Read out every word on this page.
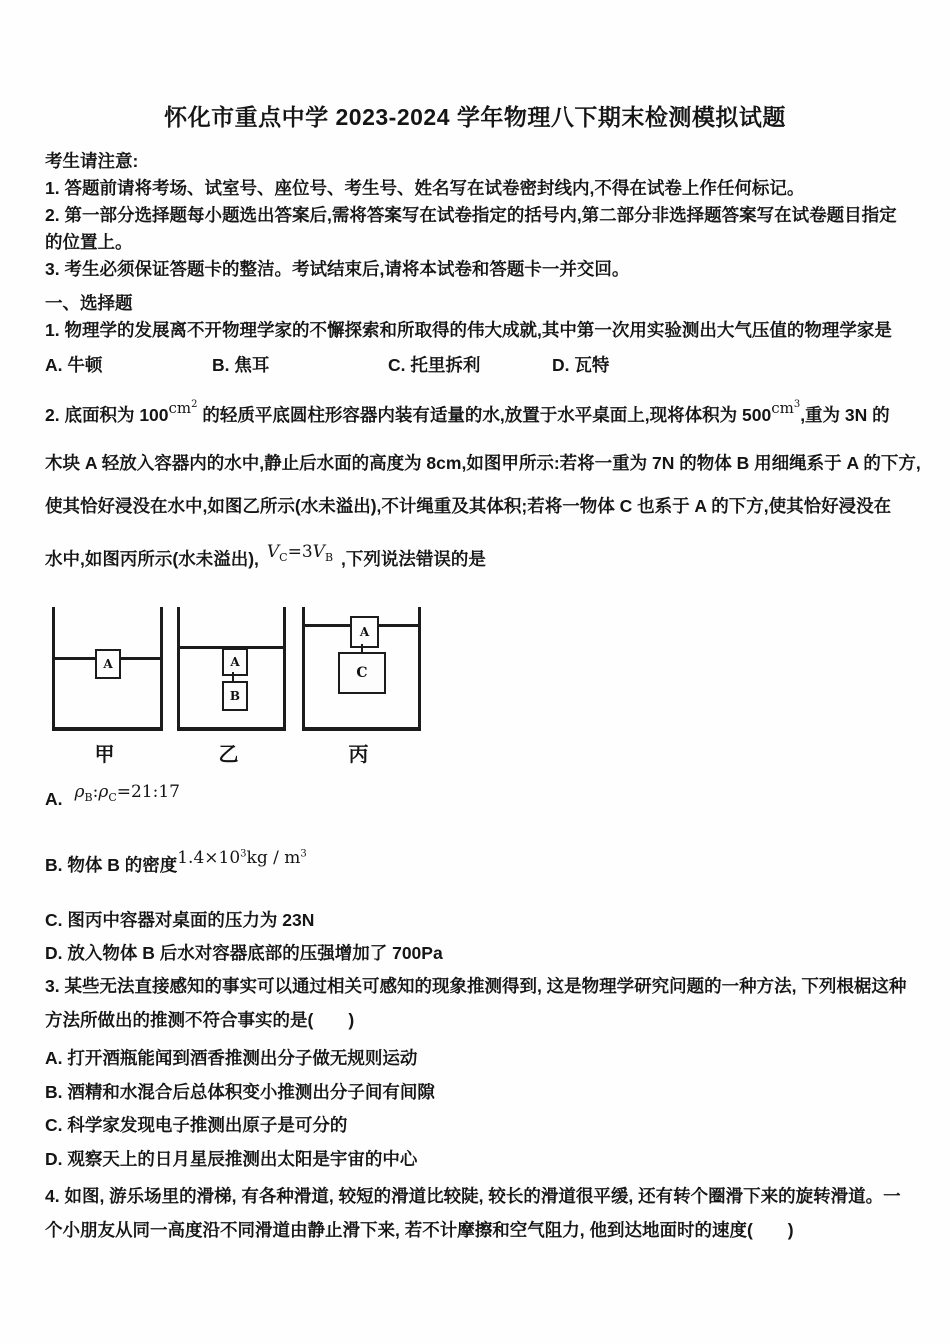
怀化市重点中学 2023-2024 学年物理八下期末检测模拟试题
考生请注意:
1. 答题前请将考场、试室号、座位号、考生号、姓名写在试卷密封线内,不得在试卷上作任何标记。
2. 第一部分选择题每小题选出答案后,需将答案写在试卷指定的括号内,第二部分非选择题答案写在试卷题目指定
的位置上。
3. 考生必须保证答题卡的整洁。考试结束后,请将本试卷和答题卡一并交回。
一、选择题
1. 物理学的发展离不开物理学家的不懈探索和所取得的伟大成就,其中第一次用实验测出大气压值的物理学家是
A. 牛顿	B. 焦耳	C. 托里拆利	D. 瓦特
2. 底面积为 $100cm^2$ 的轻质平底圆柱形容器内装有适量的水,放置于水平桌面上,现将体积为 $500cm^3$,重为 3N 的
木块 A 轻放入容器内的水中,静止后水面的高度为 8cm,如图甲所示:若将一重为 7N 的物体 B 用细绳系于 A 的下方,
使其恰好浸没在水中,如图乙所示(水未溢出),不计绳重及其体积;若将一物体 C 也系于 A 的下方,使其恰好浸没在
水中,如图丙所示(水未溢出), $V_C=3V_B$ ,下列说法错误的是
A	A
B
A
C
甲	乙	丙
A. $\rho_B:\rho_C=21:17$
B. 物体 B 的密度$1.4\times 10^3kg / m^3$
C. 图丙中容器对桌面的压力为 23N
D. 放入物体 B 后水对容器底部的压强增加了 700Pa
3. 某些无法直接感知的事实可以通过相关可感知的现象推测得到, 这是物理学研究问题的一种方法, 下列根椐这种
方法所做出的推测不符合事实的是(　　)
A. 打开酒瓶能闻到酒香推测出分子做无规则运动
B. 酒精和水混合后总体积变小推测出分子间有间隙
C. 科学家发现电子推测出原子是可分的
D. 观察天上的日月星辰推测出太阳是宇宙的中心
4. 如图, 游乐场里的滑梯, 有各种滑道, 较短的滑道比较陡, 较长的滑道很平缓, 还有转个圈滑下来的旋转滑道。一
个小朋友从同一高度沿不同滑道由静止滑下来, 若不计摩擦和空气阻力, 他到达地面时的速度(　　)
